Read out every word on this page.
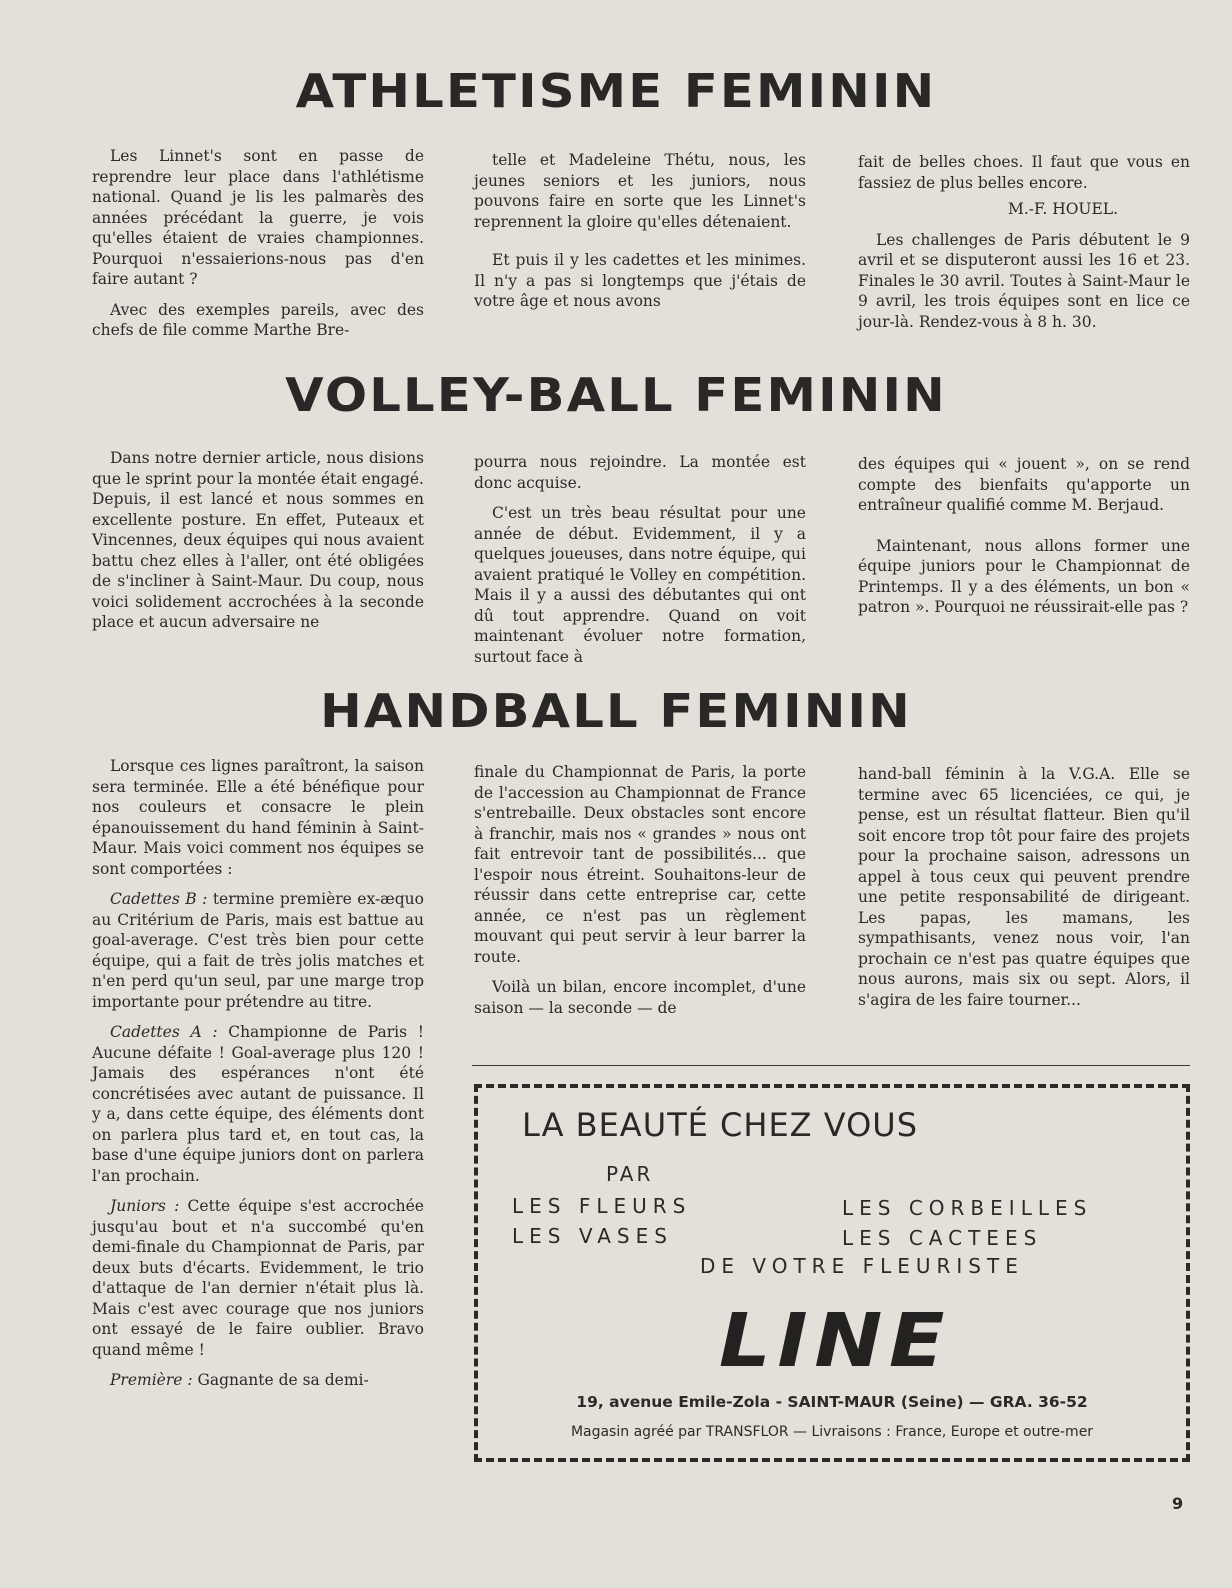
ATHLETISME FEMININ

Les Linnet's sont en passe de reprendre leur place dans l'athlétisme national. Quand je lis les palmarès des années précédant la guerre, je vois qu'elles étaient de vraies championnes. Pourquoi n'essaierions-nous pas d'en faire autant ?

Avec des exemples pareils, avec des chefs de file comme Marthe Bre-

telle et Madeleine Thétu, nous, les jeunes seniors et les juniors, nous pouvons faire en sorte que les Linnet's reprennent la gloire qu'elles détenaient.

Et puis il y les cadettes et les minimes. Il n'y a pas si longtemps que j'étais de votre âge et nous avons

fait de belles choes. Il faut que vous en fassiez de plus belles encore.

M.-F. HOUEL.

Les challenges de Paris débutent le 9 avril et se disputeront aussi les 16 et 23. Finales le 30 avril. Toutes à Saint-Maur le 9 avril, les trois équipes sont en lice ce jour-là. Rendez-vous à 8 h. 30.

VOLLEY-BALL FEMININ

Dans notre dernier article, nous disions que le sprint pour la montée était engagé. Depuis, il est lancé et nous sommes en excellente posture. En effet, Puteaux et Vincennes, deux équipes qui nous avaient battu chez elles à l'aller, ont été obligées de s'incliner à Saint-Maur. Du coup, nous voici solidement accrochées à la seconde place et aucun adversaire ne

pourra nous rejoindre. La montée est donc acquise.

C'est un très beau résultat pour une année de début. Evidemment, il y a quelques joueuses, dans notre équipe, qui avaient pratiqué le Volley en compétition. Mais il y a aussi des débutantes qui ont dû tout apprendre. Quand on voit maintenant évoluer notre formation, surtout face à

des équipes qui « jouent », on se rend compte des bienfaits qu'apporte un entraîneur qualifié comme M. Berjaud.

Maintenant, nous allons former une équipe juniors pour le Championnat de Printemps. Il y a des éléments, un bon « patron ». Pourquoi ne réussirait-elle pas ?

HANDBALL FEMININ

Lorsque ces lignes paraîtront, la saison sera terminée. Elle a été bénéfique pour nos couleurs et consacre le plein épanouissement du hand féminin à Saint-Maur. Mais voici comment nos équipes se sont comportées :

Cadettes B : termine première ex-æquo au Critérium de Paris, mais est battue au goal-average. C'est très bien pour cette équipe, qui a fait de très jolis matches et n'en perd qu'un seul, par une marge trop importante pour prétendre au titre.

Cadettes A : Championne de Paris ! Aucune défaite ! Goal-average plus 120 ! Jamais des espérances n'ont été concrétisées avec autant de puissance. Il y a, dans cette équipe, des éléments dont on parlera plus tard et, en tout cas, la base d'une équipe juniors dont on parlera l'an prochain.

Juniors : Cette équipe s'est accrochée jusqu'au bout et n'a succombé qu'en demi-finale du Championnat de Paris, par deux buts d'écarts. Evidemment, le trio d'attaque de l'an dernier n'était plus là. Mais c'est avec courage que nos juniors ont essayé de le faire oublier. Bravo quand même !

Première : Gagnante de sa demi-

finale du Championnat de Paris, la porte de l'accession au Championnat de France s'entrebaille. Deux obstacles sont encore à franchir, mais nos « grandes » nous ont fait entrevoir tant de possibilités... que l'espoir nous étreint. Souhaitons-leur de réussir dans cette entreprise car, cette année, ce n'est pas un règlement mouvant qui peut servir à leur barrer la route.

Voilà un bilan, encore incomplet, d'une saison — la seconde — de

hand-ball féminin à la V.G.A. Elle se termine avec 65 licenciées, ce qui, je pense, est un résultat flatteur. Bien qu'il soit encore trop tôt pour faire des projets pour la prochaine saison, adressons un appel à tous ceux qui peuvent prendre une petite responsabilité de dirigeant. Les papas, les mamans, les sympathisants, venez nous voir, l'an prochain ce n'est pas quatre équipes que nous aurons, mais six ou sept. Alors, il s'agira de les faire tourner...

LA BEAUTÉ CHEZ VOUS
PAR
LES FLEURS
LES VASES
LES CORBEILLES
LES CACTEES
DE VOTRE FLEURISTE
LINE
19, avenue Emile-Zola - SAINT-MAUR (Seine) — GRA. 36-52
Magasin agréé par TRANSFLOR — Livraisons : France, Europe et outre-mer
9
